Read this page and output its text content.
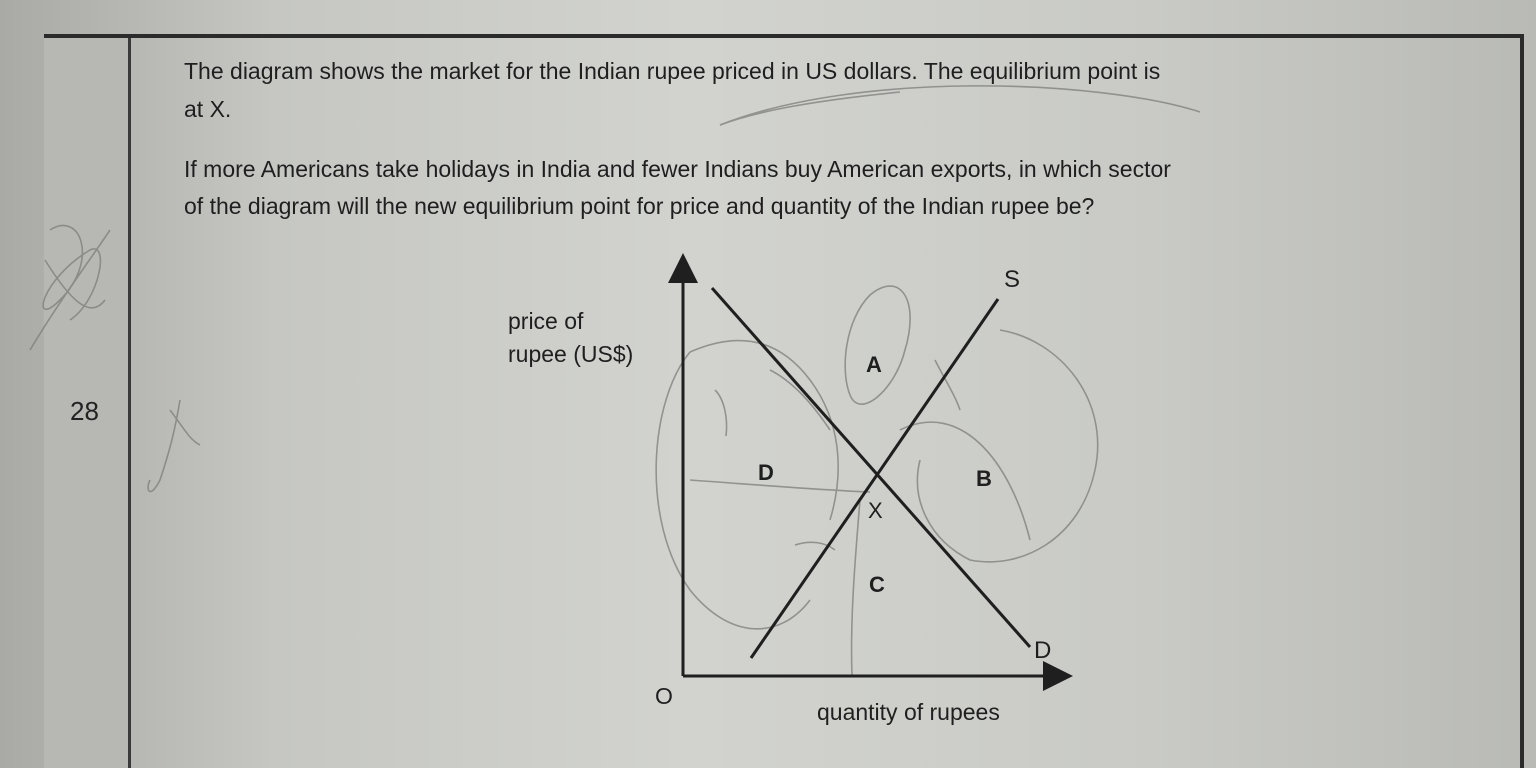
28
The diagram shows the market for the Indian rupee priced in US dollars. The equilibrium point is
at X.
If more Americans take holidays in India and fewer Indians buy American exports, in which sector
of the diagram will the new equilibrium point for price and quantity of the Indian rupee be?
price of
rupee (US$)
quantity of rupees
O
S
D
X
A
B
C
D
